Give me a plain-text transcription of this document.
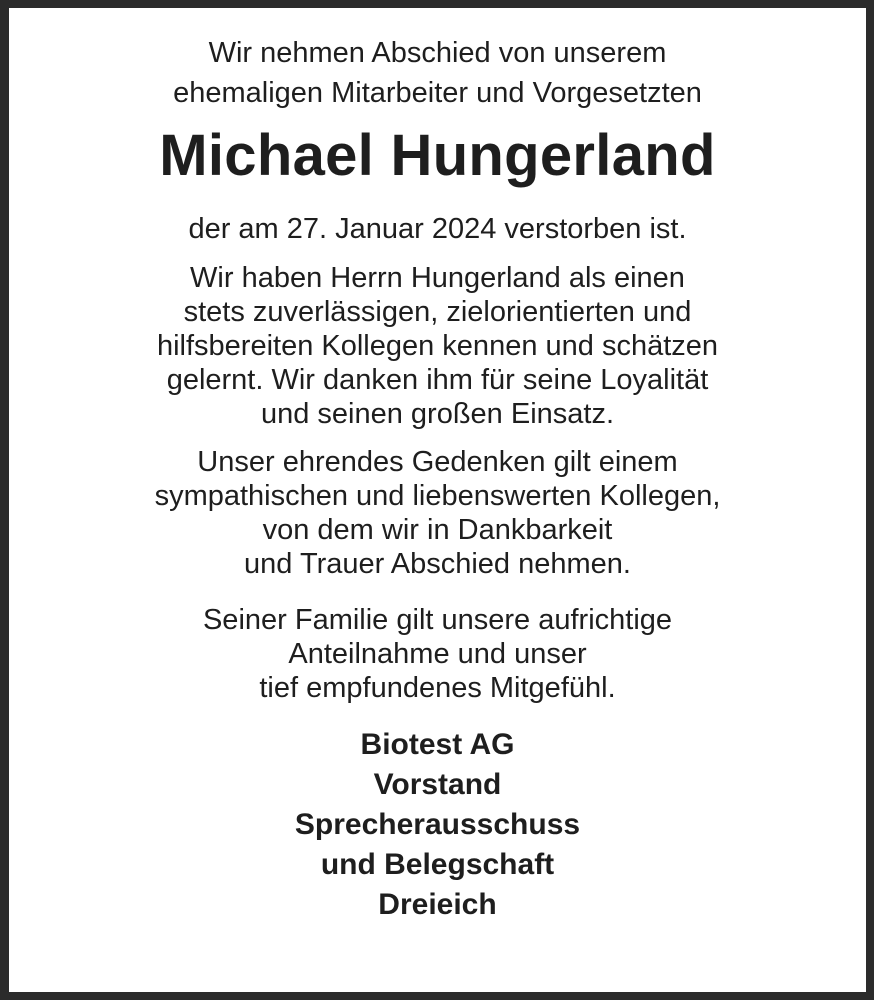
Wir nehmen Abschied von unserem
ehemaligen Mitarbeiter und Vorgesetzten
Michael Hungerland
der am 27. Januar 2024 verstorben ist.
Wir haben Herrn Hungerland als einen
stets zuverlässigen, zielorientierten und
hilfsbereiten Kollegen kennen und schätzen
gelernt. Wir danken ihm für seine Loyalität
und seinen großen Einsatz.
Unser ehrendes Gedenken gilt einem
sympathischen und liebenswerten Kollegen,
von dem wir in Dankbarkeit
und Trauer Abschied nehmen.
Seiner Familie gilt unsere aufrichtige
Anteilnahme und unser
tief empfundenes Mitgefühl.
Biotest AG
Vorstand
Sprecherausschuss
und Belegschaft
Dreieich
